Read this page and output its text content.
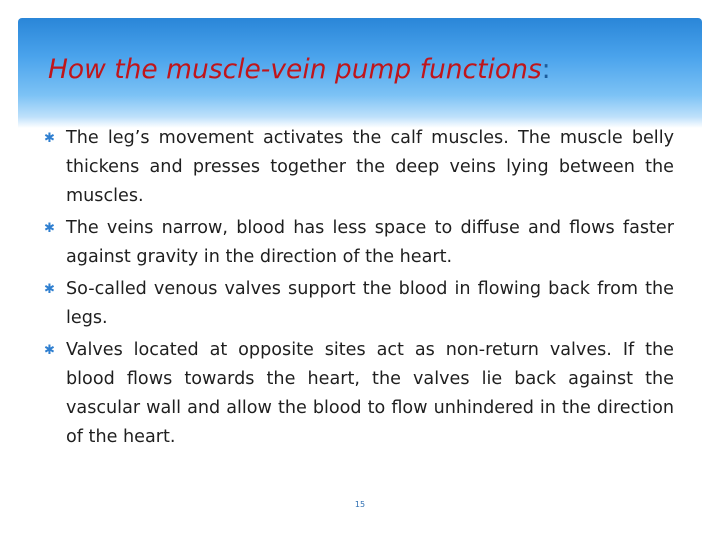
How the muscle-vein pump functions:
✱ The leg’s movement activates the calf muscles. The muscle belly thickens and presses together the deep veins lying between the muscles.
✱ The veins narrow, blood has less space to diffuse and flows faster against gravity in the direction of the heart.
✱ So-called venous valves support the blood in flowing back from the legs.
✱ Valves located at opposite sites act as non-return valves. If the blood flows towards the heart, the valves lie back against the vascular wall and allow the blood to flow unhindered in the direction of the heart.
15
